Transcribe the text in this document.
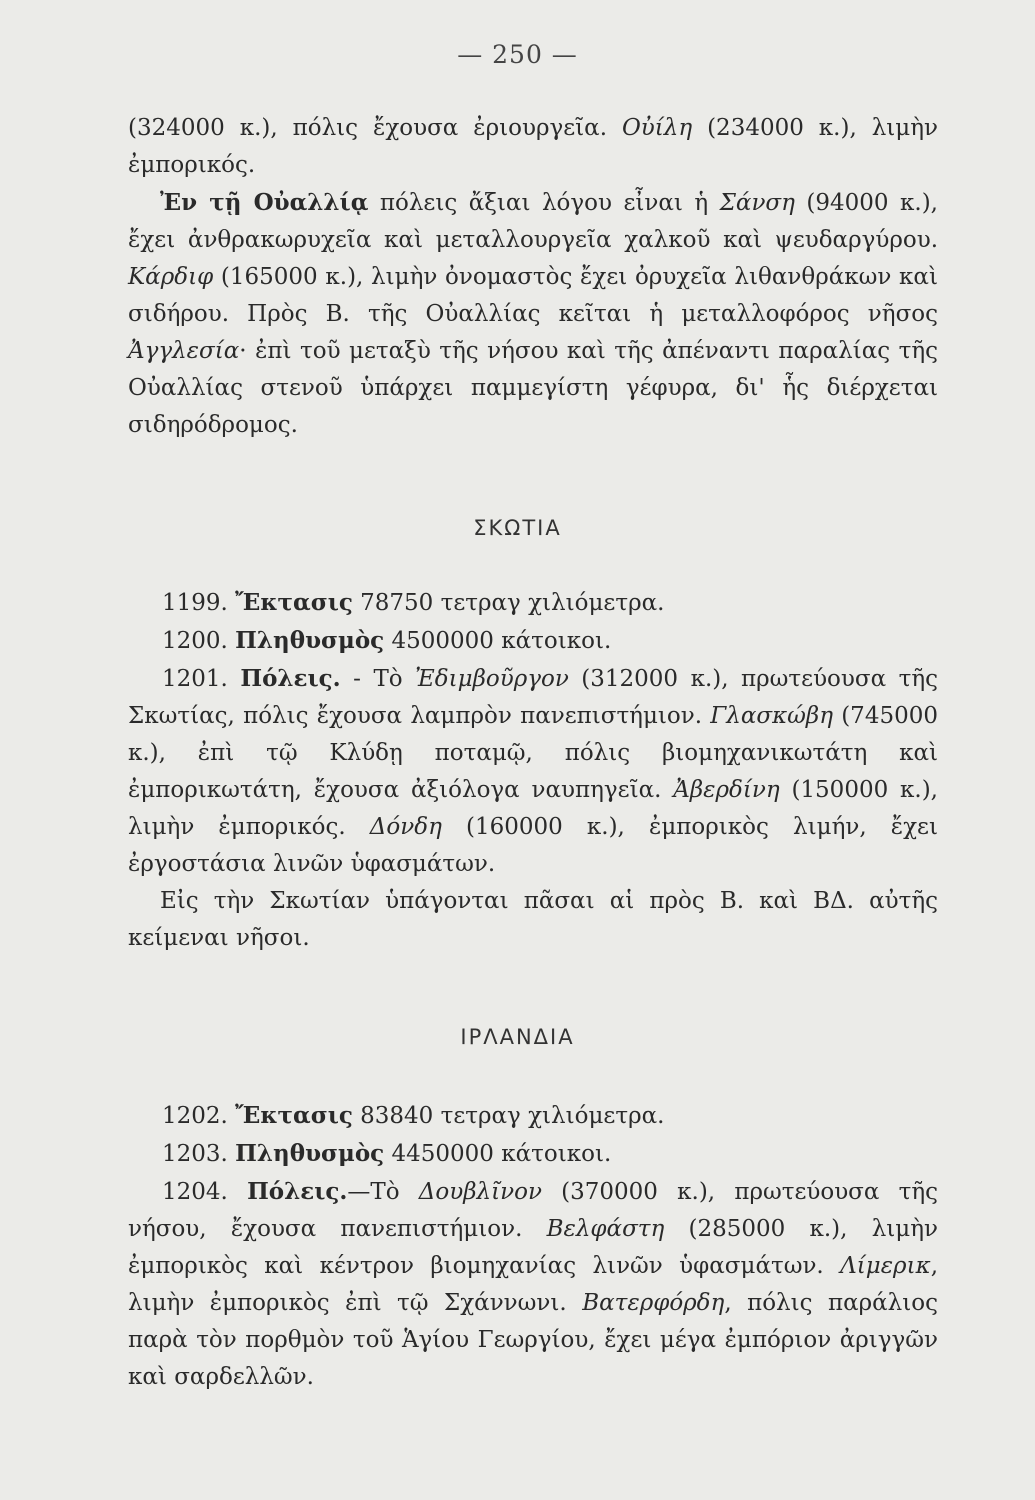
— 250 —

(324000 κ.), πόλις ἔχουσα ἐριουργεῖα. Οὐίλη (234000 κ.), λιμὴν ἐμπορικός.

Ἐν τῇ Οὐαλλίᾳ πόλεις ἄξιαι λόγου εἶναι ἡ Σάνση (94000 κ.), ἔχει ἀνθρακωρυχεῖα καὶ μεταλλουργεῖα χαλκοῦ καὶ ψευδαργύρου. Κάρδιφ (165000 κ.), λιμὴν ὀνομαστὸς ἔχει ὀρυχεῖα λιθανθράκων καὶ σιδήρου. Πρὸς Β. τῆς Οὐαλλίας κεῖται ἡ μεταλλοφόρος νῆσος Ἀγγλεσία· ἐπὶ τοῦ μεταξὺ τῆς νήσου καὶ τῆς ἀπέναντι παραλίας τῆς Οὐαλλίας στενοῦ ὑπάρχει παμμεγίστη γέφυρα, δι' ἧς διέρχεται σιδηρόδρομος.

ΣΚΩΤΙΑ

1199. Ἔκτασις 78750 τετραγ χιλιόμετρα.

1200. Πληθυσμὸς 4500000 κάτοικοι.

1201. Πόλεις. - Τὸ Ἐδιμβοῦργον (312000 κ.), πρωτεύουσα τῆς Σκωτίας, πόλις ἔχουσα λαμπρὸν πανεπιστήμιον. Γλασκώβη (745000 κ.), ἐπὶ τῷ Κλύδῃ ποταμῷ, πόλις βιομηχανικωτάτη καὶ ἐμπορικωτάτη, ἔχουσα ἀξιόλογα ναυπηγεῖα. Ἀβερδίνη (150000 κ.), λιμὴν ἐμπορικός. Δόνδη (160000 κ.), ἐμπορικὸς λιμήν, ἔχει ἐργοστάσια λινῶν ὑφασμάτων.

Εἰς τὴν Σκωτίαν ὑπάγονται πᾶσαι αἱ πρὸς Β. καὶ ΒΔ. αὐτῆς κείμεναι νῆσοι.

ΙΡΛΑΝΔΙΑ

1202. Ἔκτασις 83840 τετραγ χιλιόμετρα.

1203. Πληθυσμὸς 4450000 κάτοικοι.

1204. Πόλεις.—Τὸ Δουβλῖνον (370000 κ.), πρωτεύουσα τῆς νήσου, ἔχουσα πανεπιστήμιον. Βελφάστη (285000 κ.), λιμὴν ἐμπορικὸς καὶ κέντρον βιομηχανίας λινῶν ὑφασμάτων. Λίμερικ, λιμὴν ἐμπορικὸς ἐπὶ τῷ Σχάννωνι. Βατερφόρδη, πόλις παράλιος παρὰ τὸν πορθμὸν τοῦ Ἁγίου Γεωργίου, ἔχει μέγα ἐμπόριον ἀριγγῶν καὶ σαρδελλῶν.
